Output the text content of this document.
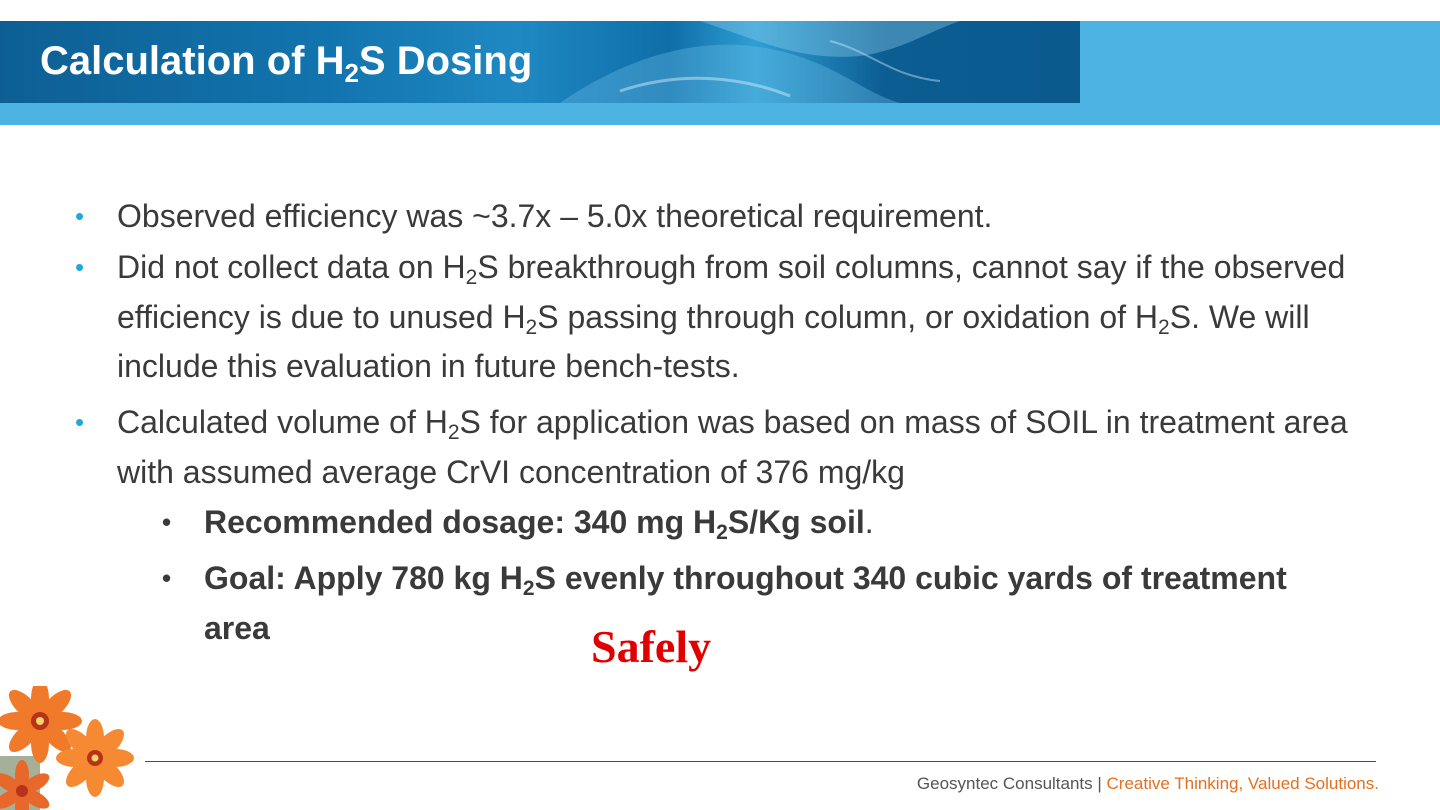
Calculation of $H_2S$ Dosing
• Observed efficiency was ~3.7x – 5.0x theoretical requirement.
• Did not collect data on $H_2S$ breakthrough from soil columns, cannot say if the observed efficiency is due to unused $H_2S$ passing through column, or oxidation of $H_2S$. We will include this evaluation in future bench-tests.
• Calculated volume of $H_2S$ for application was based on mass of SOIL in treatment area with assumed average CrVI concentration of 376 mg/kg
• Recommended dosage: 340 mg $H_2S/Kg$ soil.
• Goal: Apply 780 kg $H_2S$ evenly throughout 340 cubic yards of treatment area	Safely
Geosyntec Consultants | Creative Thinking, Valued Solutions.
